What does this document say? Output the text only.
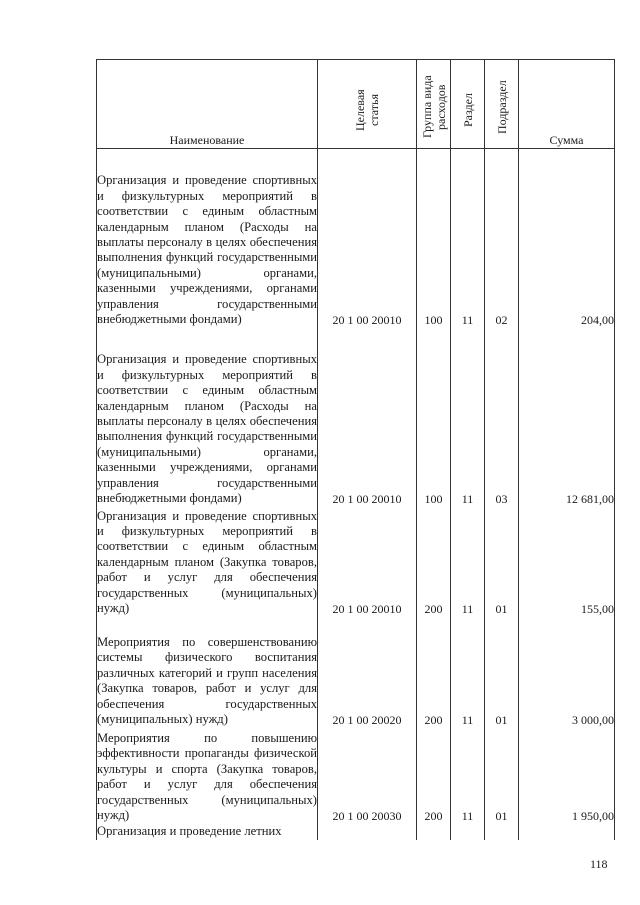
Наименование	Целевая статья	Группа вида расходов	Раздел	Подраздел	Сумма
Организация и проведение спортивных и физкультурных мероприятий в соответствии с единым областным календарным планом (Расходы на выплаты персоналу в целях обеспечения выполнения функций государственными (муниципальными) органами, казенными учреждениями, органами управления государственными внебюджетными фондами)	20 1 00 20010	100	11	02	204,00
Организация и проведение спортивных и физкультурных мероприятий в соответствии с единым областным календарным планом (Расходы на выплаты персоналу в целях обеспечения выполнения функций государственными (муниципальными) органами, казенными учреждениями, органами управления государственными внебюджетными фондами)	20 1 00 20010	100	11	03	12 681,00
Организация и проведение спортивных и физкультурных мероприятий в соответствии с единым областным календарным планом (Закупка товаров, работ и услуг для обеспечения государственных (муниципальных) нужд)	20 1 00 20010	200	11	01	155,00
Мероприятия по совершенствованию системы физического воспитания различных категорий и групп населения (Закупка товаров, работ и услуг для обеспечения государственных (муниципальных) нужд)	20 1 00 20020	200	11	01	3 000,00
Мероприятия по повышению эффективности пропаганды физической культуры и спорта (Закупка товаров, работ и услуг для обеспечения государственных (муниципальных) нужд)	20 1 00 20030	200	11	01	1 950,00
Организация и проведение летних					
118
